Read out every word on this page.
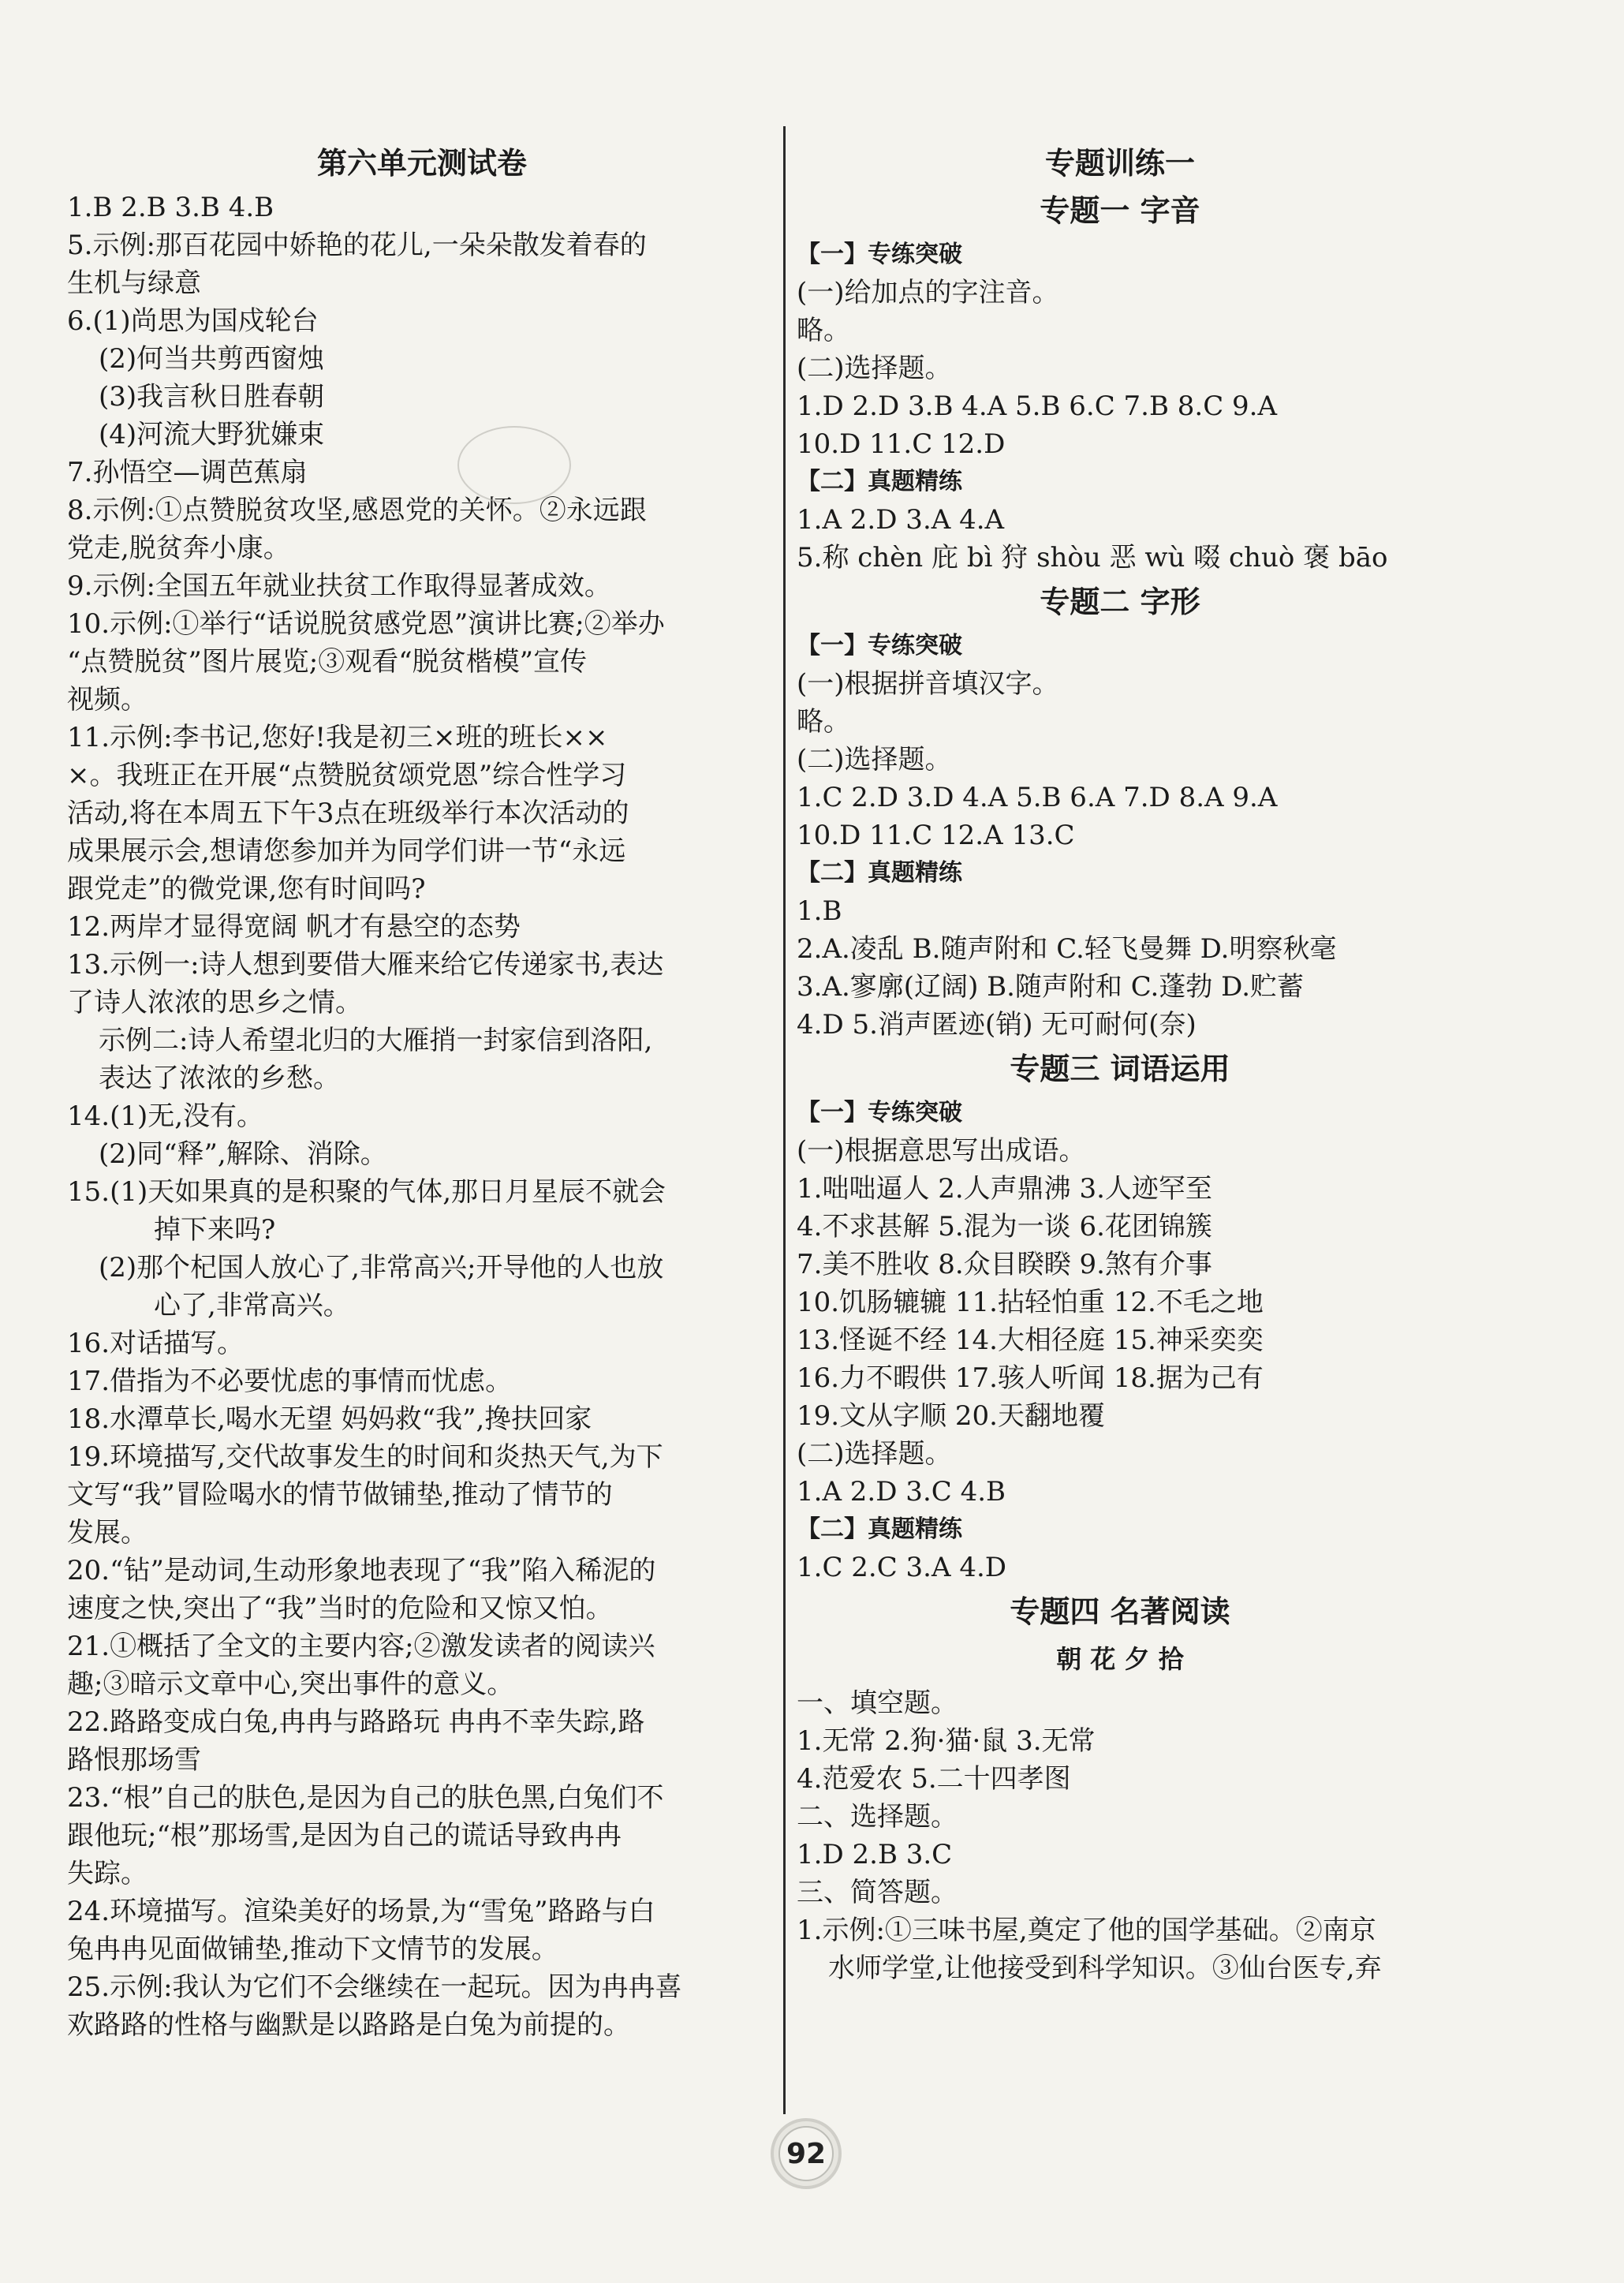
第六单元测试卷
1.B 2.B 3.B 4.B
5.示例:那百花园中娇艳的花儿,一朵朵散发着春的
生机与绿意
6.(1)尚思为国戍轮台
(2)何当共剪西窗烛
(3)我言秋日胜春朝
(4)河流大野犹嫌束
7.孙悟空—调芭蕉扇
8.示例:①点赞脱贫攻坚,感恩党的关怀。②永远跟
党走,脱贫奔小康。
9.示例:全国五年就业扶贫工作取得显著成效。
10.示例:①举行“话说脱贫感党恩”演讲比赛;②举办
“点赞脱贫”图片展览;③观看“脱贫楷模”宣传
视频。
11.示例:李书记,您好!我是初三×班的班长××
×。我班正在开展“点赞脱贫颂党恩”综合性学习
活动,将在本周五下午3点在班级举行本次活动的
成果展示会,想请您参加并为同学们讲一节“永远
跟党走”的微党课,您有时间吗?
12.两岸才显得宽阔 帆才有悬空的态势
13.示例一:诗人想到要借大雁来给它传递家书,表达
了诗人浓浓的思乡之情。
示例二:诗人希望北归的大雁捎一封家信到洛阳,
表达了浓浓的乡愁。
14.(1)无,没有。
(2)同“释”,解除、消除。
15.(1)天如果真的是积聚的气体,那日月星辰不就会
掉下来吗?
(2)那个杞国人放心了,非常高兴;开导他的人也放
心了,非常高兴。
16.对话描写。
17.借指为不必要忧虑的事情而忧虑。
18.水潭草长,喝水无望 妈妈救“我”,搀扶回家
19.环境描写,交代故事发生的时间和炎热天气,为下
文写“我”冒险喝水的情节做铺垫,推动了情节的
发展。
20.“钻”是动词,生动形象地表现了“我”陷入稀泥的
速度之快,突出了“我”当时的危险和又惊又怕。
21.①概括了全文的主要内容;②激发读者的阅读兴
趣;③暗示文章中心,突出事件的意义。
22.路路变成白兔,冉冉与路路玩 冉冉不幸失踪,路
路恨那场雪
23.“根”自己的肤色,是因为自己的肤色黑,白兔们不
跟他玩;“根”那场雪,是因为自己的谎话导致冉冉
失踪。
24.环境描写。渲染美好的场景,为“雪兔”路路与白
兔冉冉见面做铺垫,推动下文情节的发展。
25.示例:我认为它们不会继续在一起玩。因为冉冉喜
欢路路的性格与幽默是以路路是白兔为前提的。
专题训练一
专题一 字音
【一】专练突破
(一)给加点的字注音。
略。
(二)选择题。
1.D 2.D 3.B 4.A 5.B 6.C 7.B 8.C 9.A
10.D 11.C 12.D
【二】真题精练
1.A 2.D 3.A 4.A
5.称 chèn 庇 bì 狩 shòu 恶 wù 啜 chuò 褒 bāo
专题二 字形
【一】专练突破
(一)根据拼音填汉字。
略。
(二)选择题。
1.C 2.D 3.D 4.A 5.B 6.A 7.D 8.A 9.A
10.D 11.C 12.A 13.C
【二】真题精练
1.B
2.A.凌乱 B.随声附和 C.轻飞曼舞 D.明察秋毫
3.A.寥廓(辽阔) B.随声附和 C.蓬勃 D.贮蓄
4.D 5.消声匿迹(销) 无可耐何(奈)
专题三 词语运用
【一】专练突破
(一)根据意思写出成语。
1.咄咄逼人 2.人声鼎沸 3.人迹罕至
4.不求甚解 5.混为一谈 6.花团锦簇
7.美不胜收 8.众目睽睽 9.煞有介事
10.饥肠辘辘 11.拈轻怕重 12.不毛之地
13.怪诞不经 14.大相径庭 15.神采奕奕
16.力不暇供 17.骇人听闻 18.据为己有
19.文从字顺 20.天翻地覆
(二)选择题。
1.A 2.D 3.C 4.B
【二】真题精练
1.C 2.C 3.A 4.D
专题四 名著阅读
朝 花 夕 拾
一、填空题。
1.无常 2.狗·猫·鼠 3.无常
4.范爱农 5.二十四孝图
二、选择题。
1.D 2.B 3.C
三、简答题。
1.示例:①三味书屋,奠定了他的国学基础。②南京
水师学堂,让他接受到科学知识。③仙台医专,弃
92
